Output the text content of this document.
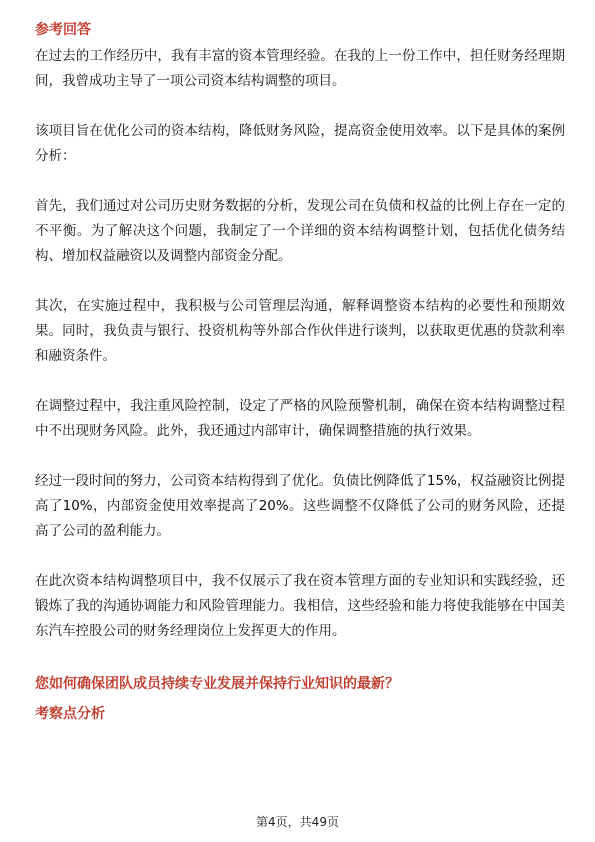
参考回答

在过去的工作经历中，我有丰富的资本管理经验。在我的上一份工作中，担任财务经理期间，我曾成功主导了一项公司资本结构调整的项目。

该项目旨在优化公司的资本结构，降低财务风险，提高资金使用效率。以下是具体的案例分析：

首先，我们通过对公司历史财务数据的分析，发现公司在负债和权益的比例上存在一定的不平衡。为了解决这个问题，我制定了一个详细的资本结构调整计划，包括优化债务结构、增加权益融资以及调整内部资金分配。

其次，在实施过程中，我积极与公司管理层沟通，解释调整资本结构的必要性和预期效果。同时，我负责与银行、投资机构等外部合作伙伴进行谈判，以获取更优惠的贷款利率和融资条件。

在调整过程中，我注重风险控制，设定了严格的风险预警机制，确保在资本结构调整过程中不出现财务风险。此外，我还通过内部审计，确保调整措施的执行效果。

经过一段时间的努力，公司资本结构得到了优化。负债比例降低了15%，权益融资比例提高了10%，内部资金使用效率提高了20%。这些调整不仅降低了公司的财务风险，还提高了公司的盈利能力。

在此次资本结构调整项目中，我不仅展示了我在资本管理方面的专业知识和实践经验，还锻炼了我的沟通协调能力和风险管理能力。我相信，这些经验和能力将使我能够在中国美东汽车控股公司的财务经理岗位上发挥更大的作用。

您如何确保团队成员持续专业发展并保持行业知识的最新？
考察点分析
第4页，共49页
